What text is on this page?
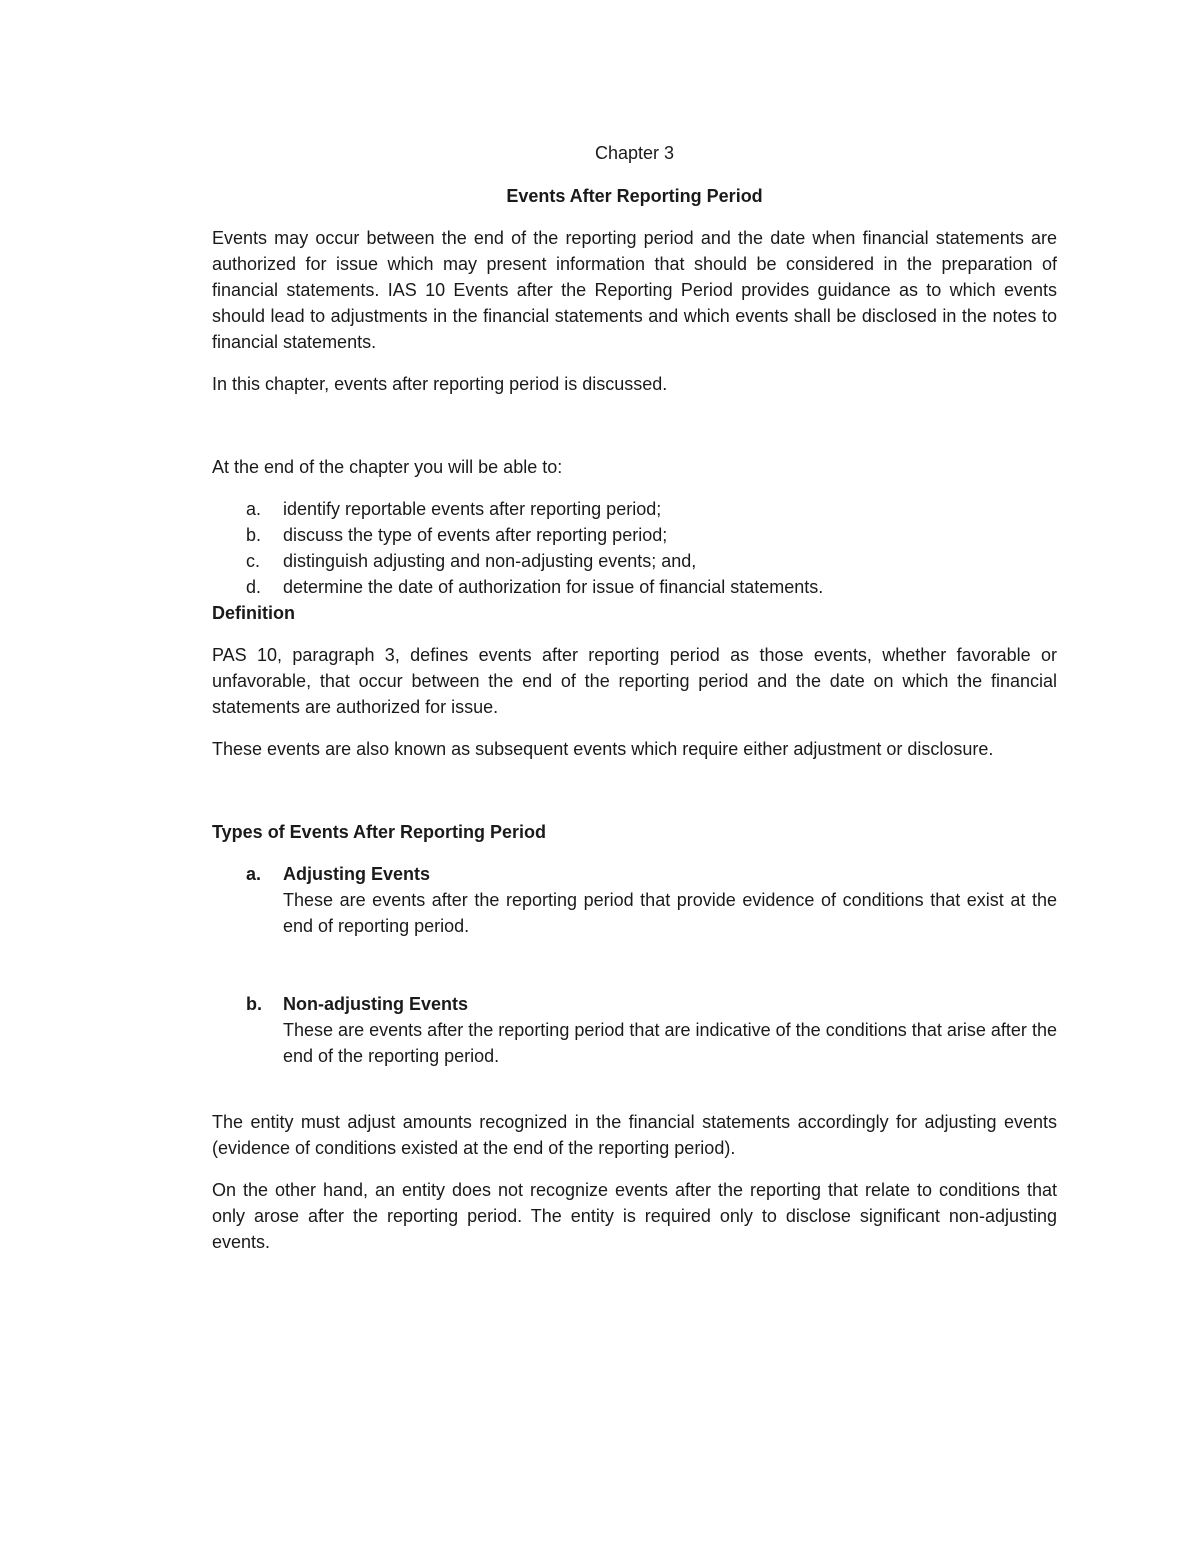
Chapter 3

Events After Reporting Period

Events may occur between the end of the reporting period and the date when financial statements are authorized for issue which may present information that should be considered in the preparation of financial statements. IAS 10 Events after the Reporting Period provides guidance as to which events should lead to adjustments in the financial statements and which events shall be disclosed in the notes to financial statements.

In this chapter, events after reporting period is discussed.

At the end of the chapter you will be able to:

a.	identify reportable events after reporting period;
b.	discuss the type of events after reporting period;
c.	distinguish adjusting and non-adjusting events; and,
d.	determine the date of authorization for issue of financial statements.

Definition

PAS 10, paragraph 3, defines events after reporting period as those events, whether favorable or unfavorable, that occur between the end of the reporting period and the date on which the financial statements are authorized for issue.

These events are also known as subsequent events which require either adjustment or disclosure.

Types of Events After Reporting Period

a.	Adjusting Events
These are events after the reporting period that provide evidence of conditions that exist at the end of reporting period.
b.	Non-adjusting Events
These are events after the reporting period that are indicative of the conditions that arise after the end of the reporting period.

The entity must adjust amounts recognized in the financial statements accordingly for adjusting events (evidence of conditions existed at the end of the reporting period).

On the other hand, an entity does not recognize events after the reporting that relate to conditions that only arose after the reporting period. The entity is required only to disclose significant non-adjusting events.
